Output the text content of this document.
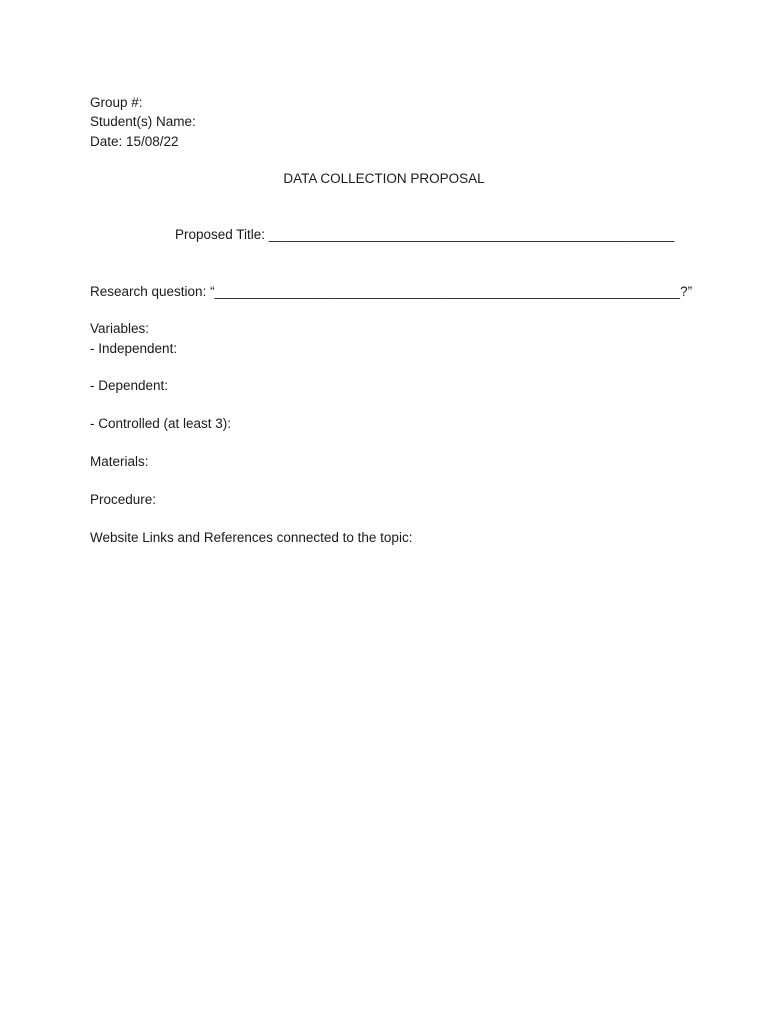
Group #:
Student(s) Name:
Date: 15/08/22
DATA COLLECTION PROPOSAL
Proposed Title: ______________________________________________________
Research question: “______________________________________________________________?”
Variables:
- Independent:
- Dependent:
- Controlled (at least 3):
Materials:
Procedure:
Website Links and References connected to the topic:
